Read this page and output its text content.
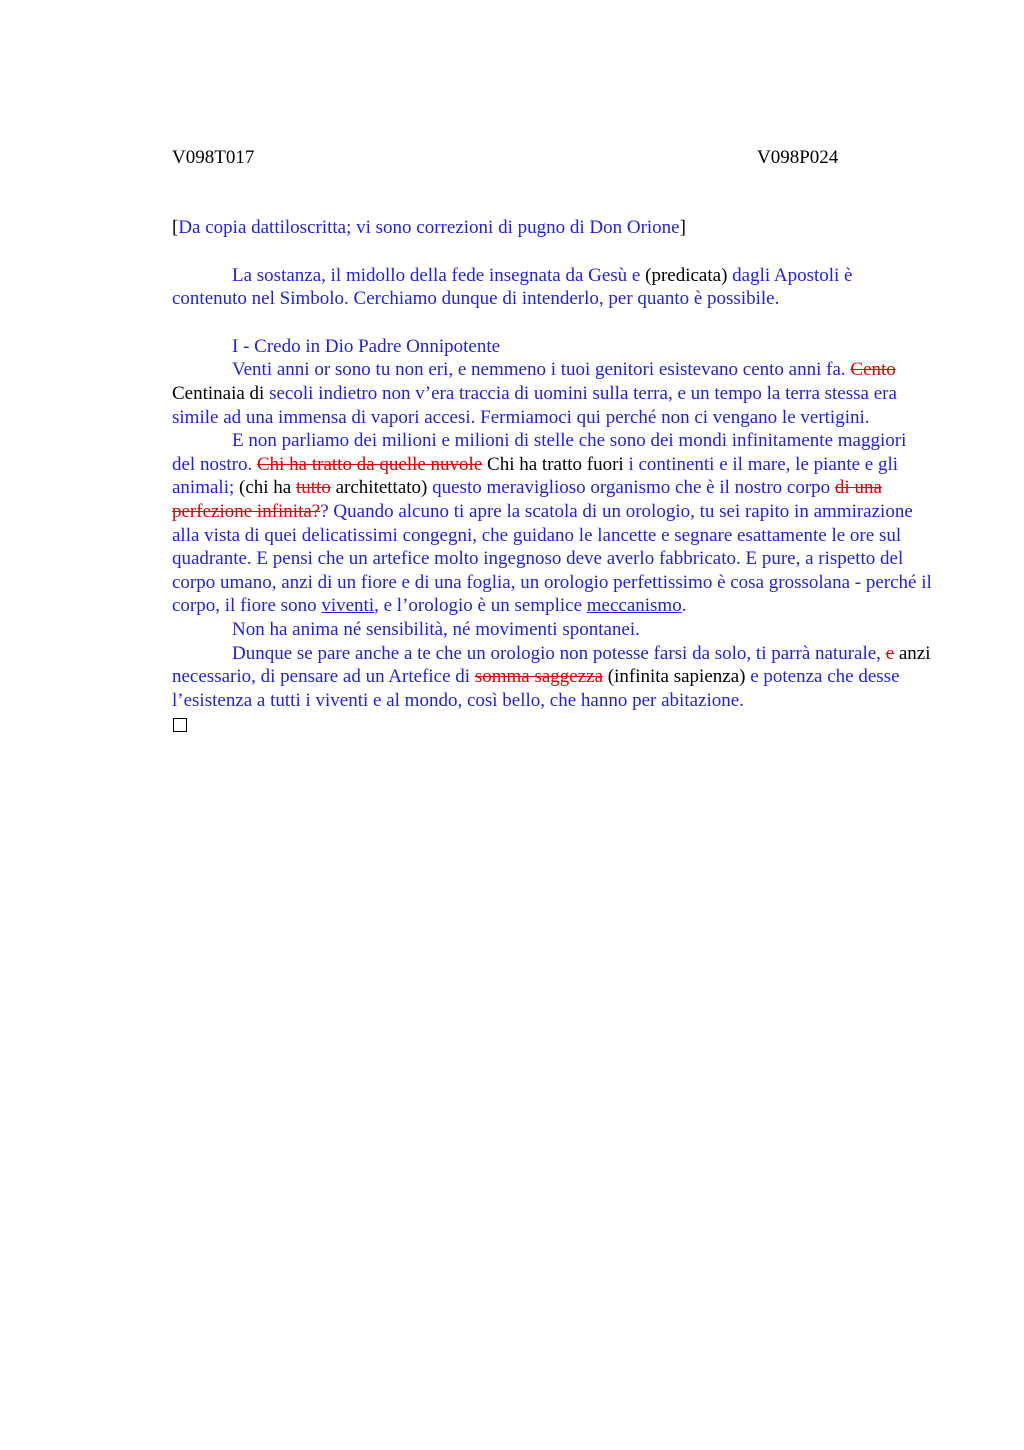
V098T017	V098P024

[Da copia dattiloscritta; vi sono correzioni di pugno di Don Orione]

La sostanza, il midollo della fede insegnata da Gesù e (predicata) dagli Apostoli è contenuto nel Simbolo. Cerchiamo dunque di intenderlo, per quanto è possibile.

I - Credo in Dio Padre Onnipotente

Venti anni or sono tu non eri, e nemmeno i tuoi genitori esistevano cento anni fa. Cento Centinaia di secoli indietro non v’era traccia di uomini sulla terra, e un tempo la terra stessa era simile ad una immensa di vapori accesi. Fermiamoci qui perché non ci vengano le vertigini.

E non parliamo dei milioni e milioni di stelle che sono dei mondi infinitamente maggiori del nostro. Chi ha tratto da quelle nuvole Chi ha tratto fuori i continenti e il mare, le piante e gli animali; (chi ha tutto architettato) questo meraviglioso organismo che è il nostro corpo di una perfezione infinita?? Quando alcuno ti apre la scatola di un orologio, tu sei rapito in ammirazione alla vista di quei delicatissimi congegni, che guidano le lancette e segnare esattamente le ore sul quadrante. E pensi che un artefice molto ingegnoso deve averlo fabbricato. E pure, a rispetto del corpo umano, anzi di un fiore e di una foglia, un orologio perfettissimo è cosa grossolana - perché il corpo, il fiore sono viventi, e l’orologio è un semplice meccanismo.

Non ha anima né sensibilità, né movimenti spontanei.

Dunque se pare anche a te che un orologio non potesse farsi da solo, ti parrà naturale, e anzi necessario, di pensare ad un Artefice di somma saggezza (infinita sapienza) e potenza che desse l’esistenza a tutti i viventi e al mondo, così bello, che hanno per abitazione.
